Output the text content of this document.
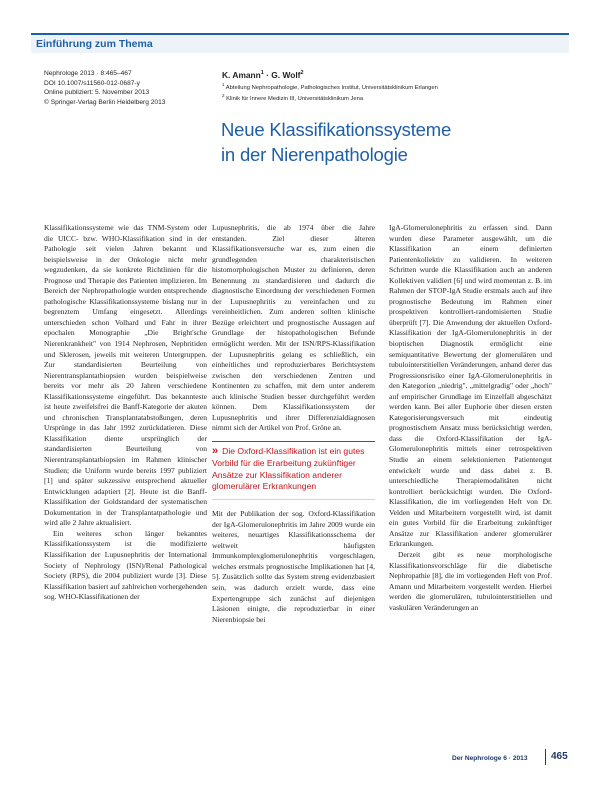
Einführung zum Thema
Nephrologe 2013 · 8:465–467
DOI 10.1007/s11560-012-0687-y
Online publiziert: 5. November 2013
© Springer-Verlag Berlin Heidelberg 2013
K. Amann$^1$ · G. Wolf$^2$
$^1$ Abteilung Nephropathologie, Pathologisches Institut, Universitätsklinikum Erlangen
$^2$ Klinik für Innere Medizin III, Universitätsklinikum Jena
Neue Klassifikationssysteme
in der Nierenpathologie

Klassifikationssysteme wie das TNM-System oder die UICC- bzw. WHO-Klassifikation sind in der Pathologie seit vielen Jahren bekannt und beispielsweise in der Onkologie nicht mehr wegzudenken, da sie konkrete Richtlinien für die Prognose und Therapie des Patienten implizieren. Im Bereich der Nephropathologie wurden entsprechende pathologische Klassifikationssysteme bislang nur in begrenztem Umfang eingesetzt. Allerdings unterschieden schon Volhard und Fahr in ihrer epochalen Monographie „Die Bright'sche Nierenkrankheit" von 1914 Nephrosen, Nephritiden und Sklerosen, jeweils mit weiteren Untergruppen. Zur standardisierten Beurteilung von Nierentransplantatbiopsien wurden beispielweise bereits vor mehr als 20 Jahren verschiedene Klassifikationssysteme eingeführt. Das bekannteste ist heute zweifelsfrei die Banff-Kategorie der akuten und chronischen Transplantatabstoßungen, deren Ursprünge in das Jahr 1992 zurückdatieren. Diese Klassifikation diente ursprünglich der standardisierten Beurteilung von Nierentransplantatbiopsien im Rahmen klinischer Studien; die Uniform wurde bereits 1997 publiziert [1] und später sukzessive entsprechend aktueller Entwicklungen adaptiert [2]. Heute ist die Banff-Klassifikation der Goldstandard der systematischen Dokumentation in der Transplantatpathologie und wird alle 2 Jahre aktualisiert.

Ein weiteres schon länger bekanntes Klassifikationssystem ist die modifizierte Klassifikation der Lupusnephritis der International Society of Nephrology (ISN)/Renal Pathological Society (RPS), die 2004 publiziert wurde [3]. Diese Klassifikation basiert auf zahlreichen vorhergehenden sog. WHO-Klassifikationen der

Lupusnephritis, die ab 1974 über die Jahre entstanden. Ziel dieser älteren Klassifikationsversuche war es, zum einen die grundlegenden charakteristischen histomorphologischen Muster zu definieren, deren Benennung zu standardisieren und dadurch die diagnostische Einordnung der verschiedenen Formen der Lupusnephritis zu vereinfachen und zu vereinheitlichen. Zum anderen sollten klinische Bezüge erleichtert und prognostische Aussagen auf Grundlage der histopathologischen Befunde ermöglicht werden. Mit der ISN/RPS-Klassifikation der Lupusnephritis gelang es schließlich, ein einheitliches und reproduzierbares Berichtsystem zwischen den verschiedenen Zentren und Kontinenten zu schaffen, mit dem unter anderem auch klinische Studien besser durchgeführt werden können. Dem Klassifikationssystem der Lupusnephritis und ihrer Differenzialdiagnosen nimmt sich der Artikel von Prof. Gröne an.

» Die Oxford-Klassifikation ist ein gutes Vorbild für die Erarbeitung zukünftiger Ansätze zur Klassifikation anderer glomerulärer Erkrankungen

Mit der Publikation der sog. Oxford-Klassifikation der IgA-Glomerulonephritis im Jahre 2009 wurde ein weiteres, neuartiges Klassifikationsschema der weltweit häufigsten Immunkomplexglomerulonephritis vorgeschlagen, welches erstmals prognostische Implikationen hat [4, 5]. Zusätzlich sollte das System streng evidenzbasiert sein, was dadurch erzielt wurde, dass eine Expertengruppe sich zunächst auf diejenigen Läsionen einigte, die reproduzierbar in einer Nierenbiopsie bei

IgA-Glomerulonephritis zu erfassen sind. Dann wurden diese Parameter ausgewählt, um die Klassifikation an einem definierten Patientenkollektiv zu validieren. In weiteren Schritten wurde die Klassifikation auch an anderen Kollektiven validiert [6] und wird momentan z. B. im Rahmen der STOP-IgA Studie erstmals auch auf ihre prognostische Bedeutung im Rahmen einer prospektiven kontrolliert-randomisierten Studie überprüft [7]. Die Anwendung der aktuellen Oxford-Klassifikation der IgA-Glomerulonephritis in der bioptischen Diagnostik ermöglicht eine semiquantitative Bewertung der glomerulären und tubulointerstitiellen Veränderungen, anhand derer das Progressionsrisiko einer IgA-Glomerulonephritis in den Kategorien „niedrig", „mittelgradig" oder „hoch" auf empirischer Grundlage im Einzelfall abgeschätzt werden kann. Bei aller Euphorie über diesen ersten Kategorisierungsversuch mit eindeutig prognostischem Ansatz muss berücksichtigt werden, dass die Oxford-Klassifikation der IgA-Glomerulonephritis mittels einer retrospektiven Studie an einem selektionierten Patientengut entwickelt wurde und dass dabei z. B. unterschiedliche Therapiemodalitäten nicht kontrolliert berücksichtigt wurden. Die Oxford-Klassifikation, die im vorliegenden Heft von Dr. Velden und Mitarbeitern vorgestellt wird, ist damit ein gutes Vorbild für die Erarbeitung zukünftiger Ansätze zur Klassifikation anderer glomerulärer Erkrankungen.

Derzeit gibt es neue morphologische Klassifikationsvorschläge für die diabetische Nephropathie [8], die im vorliegenden Heft von Prof. Amann und Mitarbeitern vorgestellt werden. Hierbei werden die glomerulären, tubulointerstitiellen und vaskulären Veränderungen an

Der Nephrologe 6 · 2013 465
